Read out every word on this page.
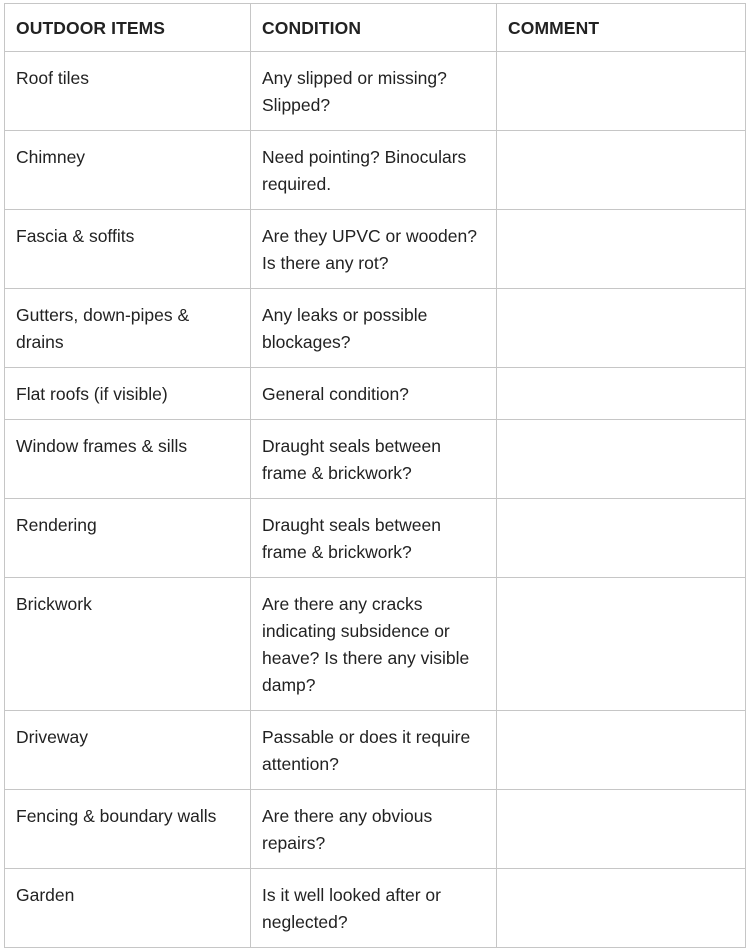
OUTDOOR ITEMS	CONDITION	COMMENT
Roof tiles	Any slipped or missing? Slipped?	
Chimney	Need pointing? Binoculars required.	
Fascia & soffits	Are they UPVC or wooden? Is there any rot?	
Gutters, down-pipes & drains	Any leaks or possible blockages?	
Flat roofs (if visible)	General condition?	
Window frames & sills	Draught seals between frame & brickwork?	
Rendering	Draught seals between frame & brickwork?	
Brickwork	Are there any cracks indicating subsidence or heave? Is there any visible damp?	
Driveway	Passable or does it require attention?	
Fencing & boundary walls	Are there any obvious repairs?	
Garden	Is it well looked after or neglected?	
